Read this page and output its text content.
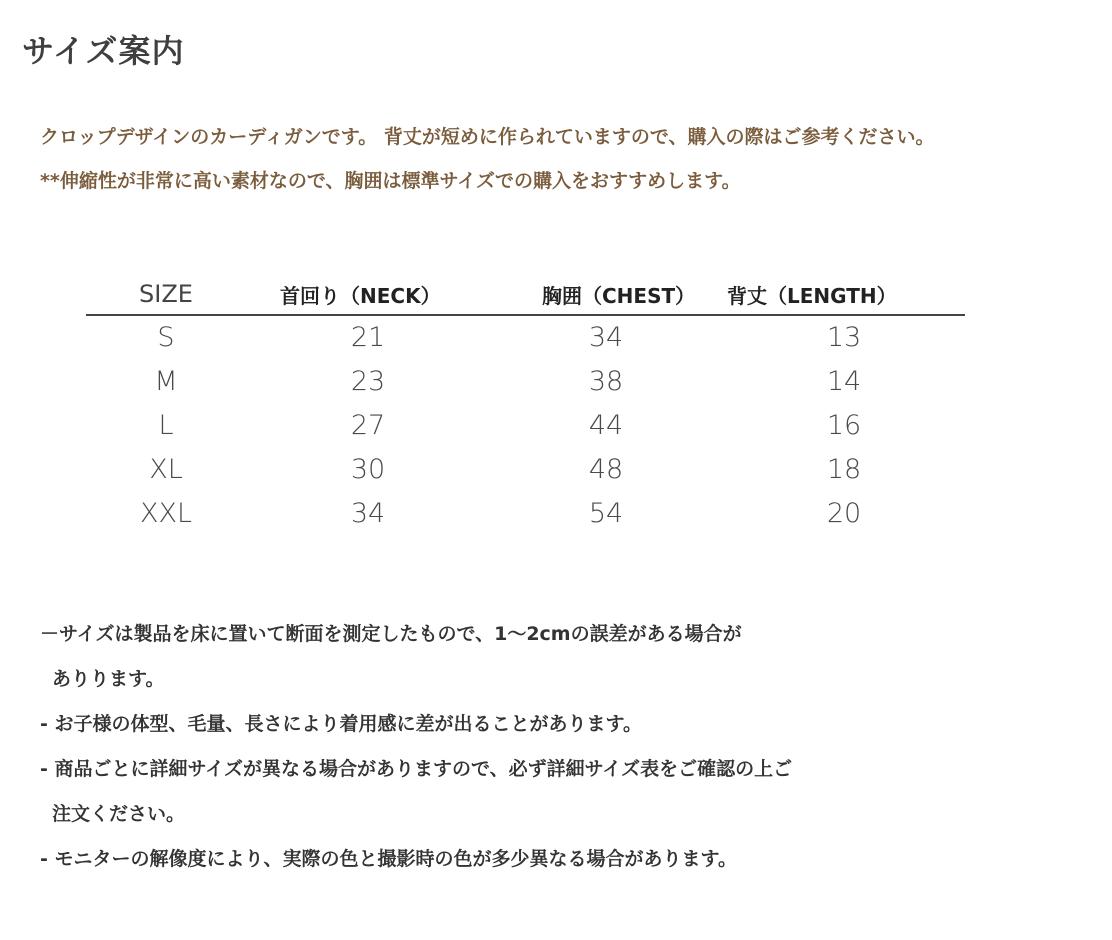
サイズ案内
クロップデザインのカーディガンです。 背丈が短めに作られていますので、購入の際はご参考ください。
**伸縮性が非常に高い素材なので、胸囲は標準サイズでの購入をおすすめします。
SIZE	首回り（NECK）	胸囲（CHEST） 背丈（LENGTH）
S	21	34	13
M	23	38	14
L	27	44	16
XL	30	48	18
XXL	34	54	20
－サイズは製品を床に置いて断面を測定したもので、1～2cmの誤差がある場合が
ありります。
- お子様の体型、毛量、長さにより着用感に差が出ることがあります。
- 商品ごとに詳細サイズが異なる場合がありますので、必ず詳細サイズ表をご確認の上ご
注文ください。
- モニターの解像度により、実際の色と撮影時の色が多少異なる場合があります。
